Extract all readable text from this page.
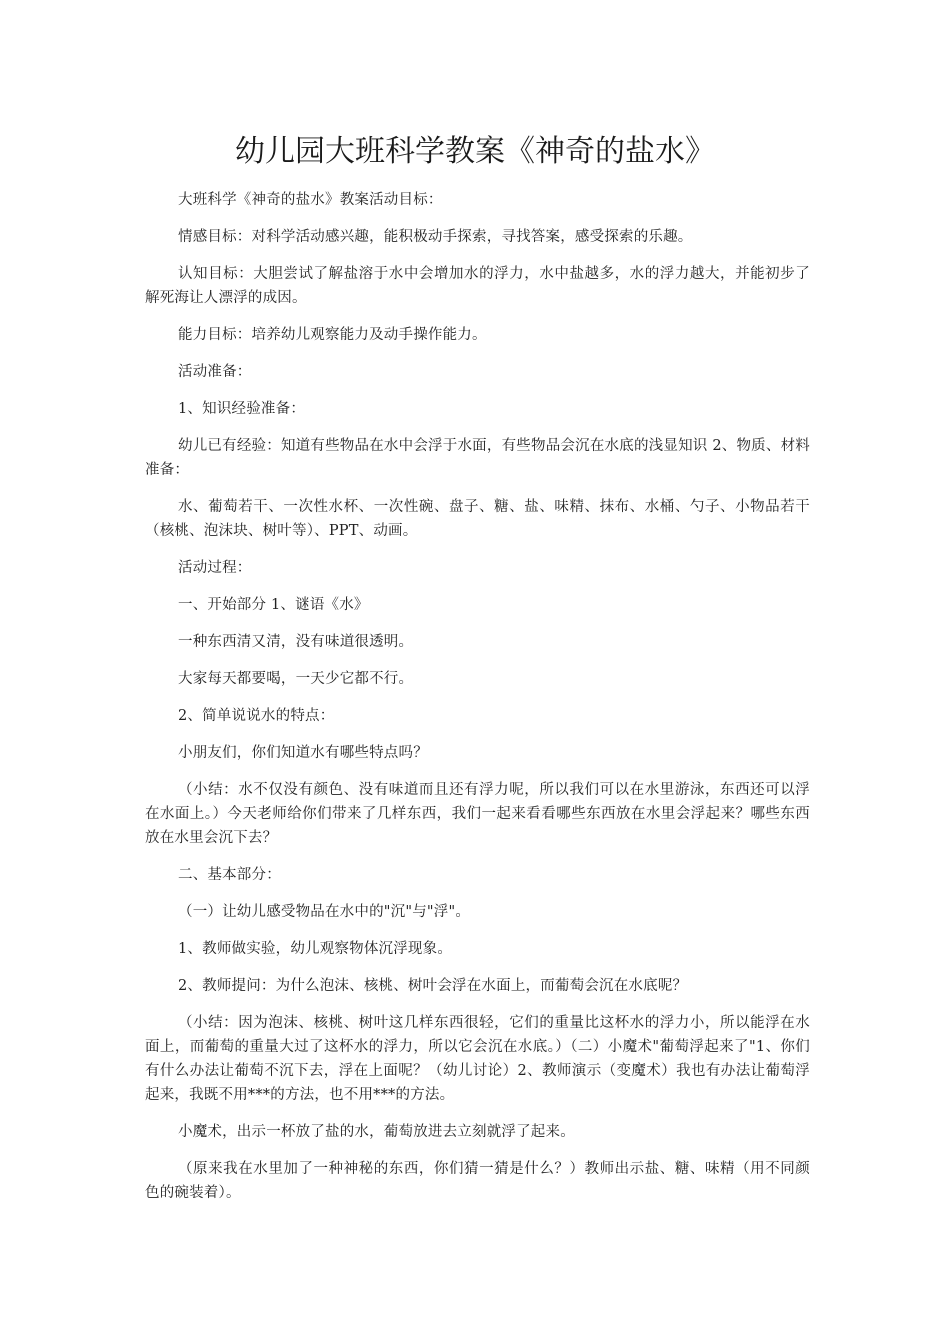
幼儿园大班科学教案《神奇的盐水》

大班科学《神奇的盐水》教案活动目标：

情感目标：对科学活动感兴趣，能积极动手探索，寻找答案，感受探索的乐趣。

认知目标：大胆尝试了解盐溶于水中会增加水的浮力，水中盐越多，水的浮力越大，并能初步了解死海让人漂浮的成因。

能力目标：培养幼儿观察能力及动手操作能力。

活动准备：

1、知识经验准备：

幼儿已有经验：知道有些物品在水中会浮于水面，有些物品会沉在水底的浅显知识 2、物质、材料准备：

水、葡萄若干、一次性水杯、一次性碗、盘子、糖、盐、味精、抹布、水桶、勺子、小物品若干（核桃、泡沫块、树叶等）、PPT、动画。

活动过程：

一、开始部分 1、谜语《水》

一种东西清又清，没有味道很透明。

大家每天都要喝，一天少它都不行。

2、简单说说水的特点：

小朋友们，你们知道水有哪些特点吗？

（小结：水不仅没有颜色、没有味道而且还有浮力呢，所以我们可以在水里游泳，东西还可以浮在水面上。）今天老师给你们带来了几样东西，我们一起来看看哪些东西放在水里会浮起来？哪些东西放在水里会沉下去？

二、基本部分：

（一）让幼儿感受物品在水中的"沉"与"浮"。

1、教师做实验，幼儿观察物体沉浮现象。

2、教师提问：为什么泡沫、核桃、树叶会浮在水面上，而葡萄会沉在水底呢？

（小结：因为泡沫、核桃、树叶这几样东西很轻，它们的重量比这杯水的浮力小，所以能浮在水面上，而葡萄的重量大过了这杯水的浮力，所以它会沉在水底。）（二）小魔术"葡萄浮起来了"1、你们有什么办法让葡萄不沉下去，浮在上面呢？（幼儿讨论）2、教师演示（变魔术）我也有办法让葡萄浮起来，我既不用***的方法，也不用***的方法。

小魔术，出示一杯放了盐的水，葡萄放进去立刻就浮了起来。

（原来我在水里加了一种神秘的东西，你们猜一猜是什么？）教师出示盐、糖、味精（用不同颜色的碗装着）。
